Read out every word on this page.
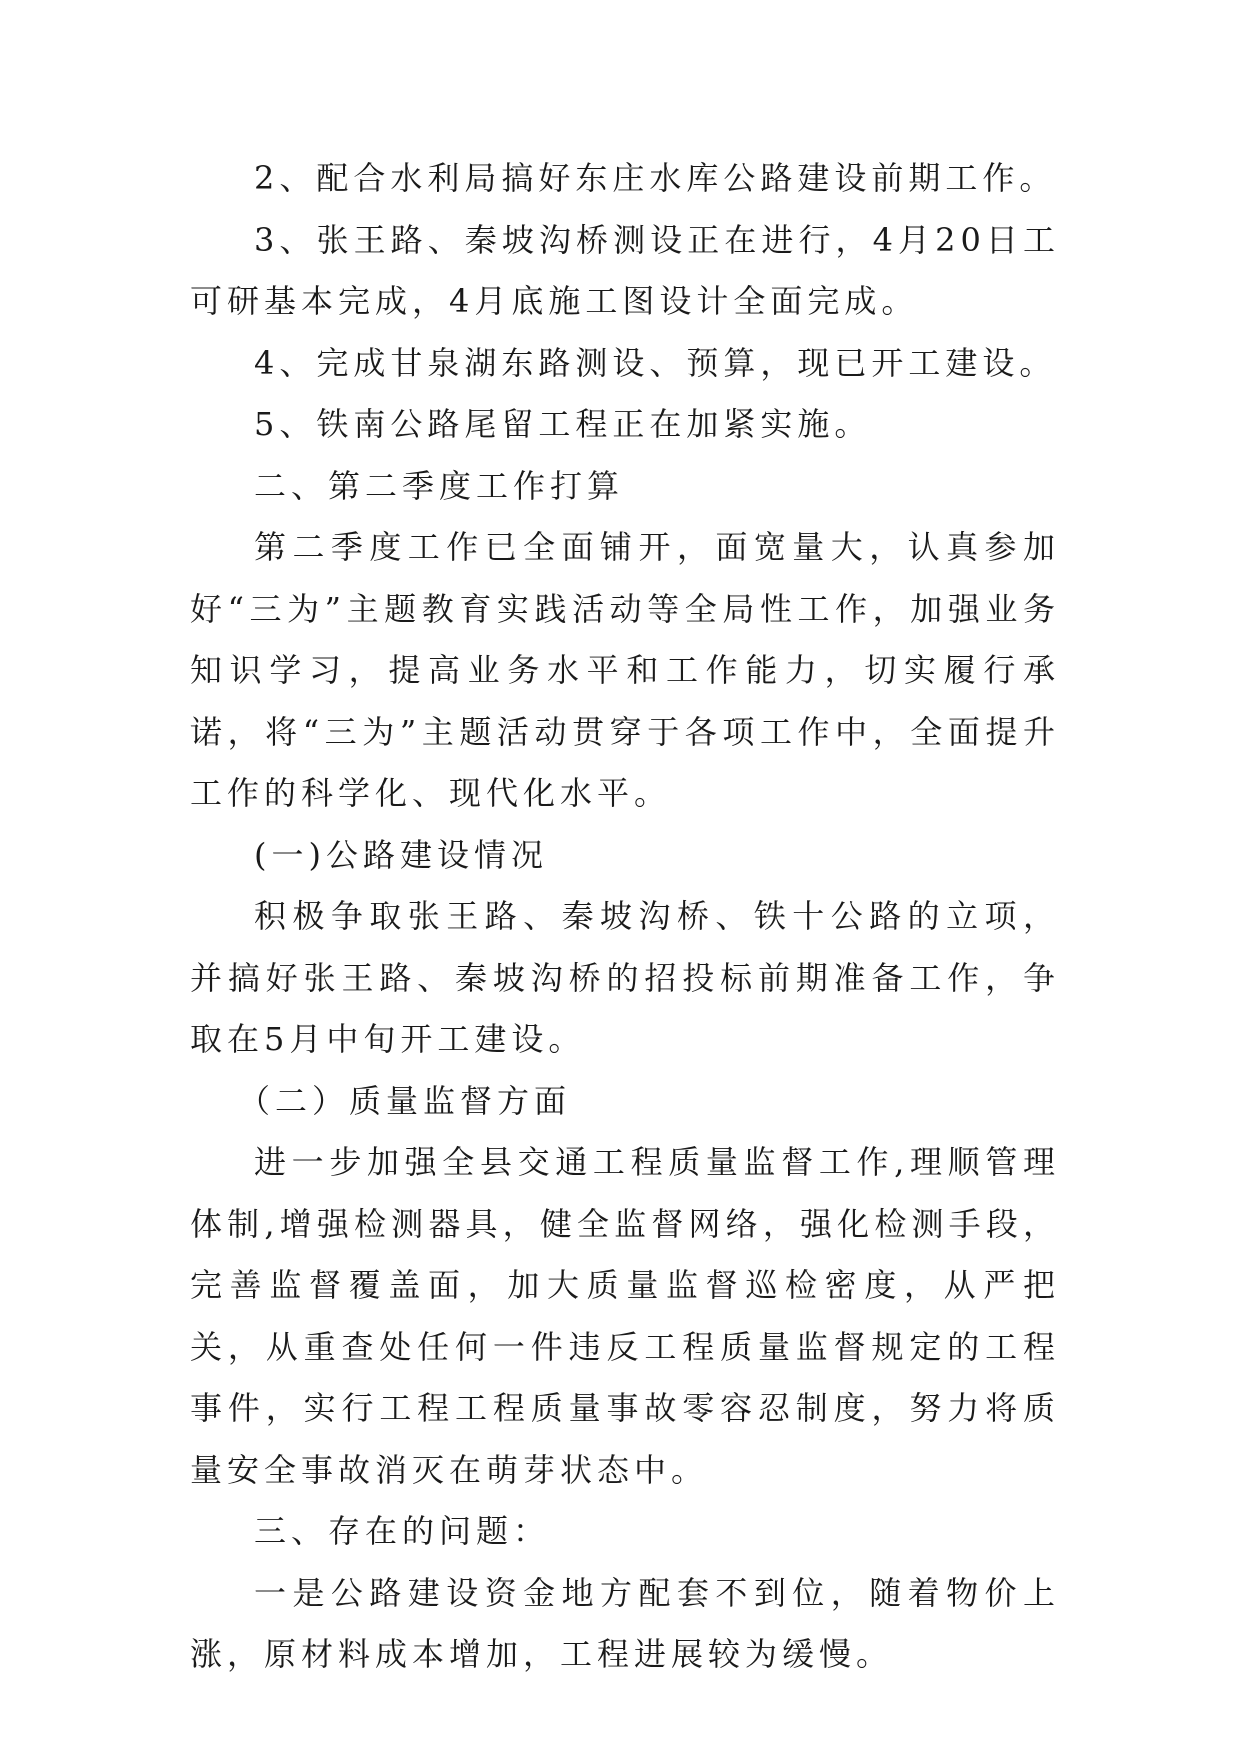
2、配合水利局搞好东庄水库公路建设前期工作。

3、张王路、秦坡沟桥测设正在进行，4月20日工可研基本完成，4月底施工图设计全面完成。

4、完成甘泉湖东路测设、预算，现已开工建设。

5、铁南公路尾留工程正在加紧实施。

二、第二季度工作打算

第二季度工作已全面铺开，面宽量大，认真参加好“三为”主题教育实践活动等全局性工作，加强业务知识学习，提高业务水平和工作能力，切实履行承诺，将“三为”主题活动贯穿于各项工作中，全面提升工作的科学化、现代化水平。

(一)公路建设情况

积极争取张王路、秦坡沟桥、铁十公路的立项，并搞好张王路、秦坡沟桥的招投标前期准备工作，争取在5月中旬开工建设。

（二）质量监督方面

进一步加强全县交通工程质量监督工作,理顺管理体制,增强检测器具，健全监督网络，强化检测手段，完善监督覆盖面，加大质量监督巡检密度，从严把关，从重查处任何一件违反工程质量监督规定的工程事件，实行工程工程质量事故零容忍制度，努力将质量安全事故消灭在萌芽状态中。

三、存在的问题：

一是公路建设资金地方配套不到位，随着物价上涨，原材料成本增加，工程进展较为缓慢。
